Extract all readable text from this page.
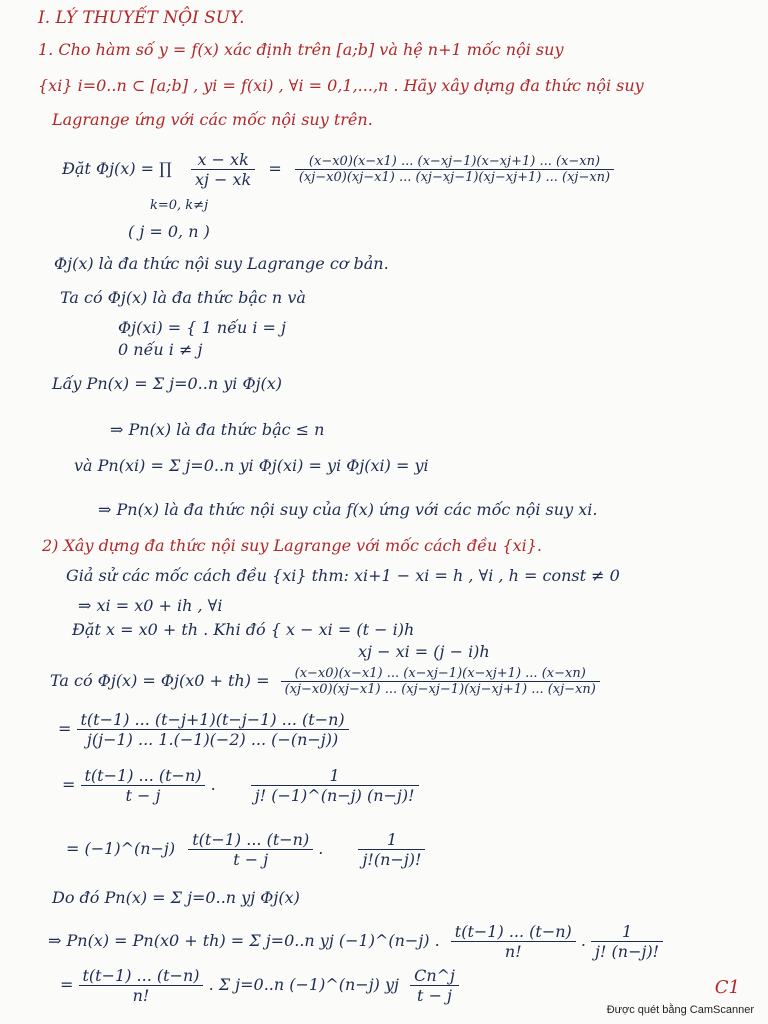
I. LÝ THUYẾT NỘI SUY.
1. Cho hàm số y = f(x) xác định trên [a;b] và hệ n+1 mốc nội suy
{xi} i=0..n ⊂ [a;b] , yi = f(xi) , ∀i = 0,1,...,n . Hãy xây dựng đa thức nội suy
Lagrange ứng với các mốc nội suy trên.
Đặt Φj(x) = ∏ $\frac{x - xk}{xj - xk} = \frac{(x-x0)(x-x1) ... (x-xj-1)(x-xj+1) ... (x-xn)}{(xj-x0)(xj-x1) ... (xj-xj-1)(xj-xj+1) ... (xj-xn)}$
k=0, k≠j
( j = 0, n )
Φj(x) là đa thức nội suy Lagrange cơ bản.
Ta có Φj(x) là đa thức bậc n và
Φj(xi) = { 1 nếu i = j
0 nếu i ≠ j
Lấy Pn(x) = Σ j=0..n yi Φj(x)
⇒ Pn(x) là đa thức bậc ≤ n
và Pn(xi) = Σ j=0..n yi Φj(xi) = yi Φj(xi) = yi
⇒ Pn(x) là đa thức nội suy của f(x) ứng với các mốc nội suy xi.
2) Xây dựng đa thức nội suy Lagrange với mốc cách đều {xi}.
Giả sử các mốc cách đều {xi} thm: xi+1 − xi = h , ∀i , h = const ≠ 0
⇒ xi = x0 + ih , ∀i
Đặt x = x0 + th . Khi đó { x − xi = (t − i)h
xj − xi = (j − i)h
Ta có $\Phi j(x) = \Phi j(x0 + th) = \frac{(x-x0)(x-x1) ... (x-xj-1)(x-xj+1) ... (x-xn)}{(xj-x0)(xj-x1) ... (xj-xj-1)(xj-xj+1) ... (xj-xn)}$
= $\frac{t(t-1) ... (t-j+1)(t-j-1) ... (t-n)}{j(j-1) ... 1.(-1)(-2) ... (-(n-j))}$
= $\frac{t(t-1) ... (t-n)}{t - j}$ . $\frac{1}{j! (-1)\^{}(n-j) (n-j)!}$
= (−1)^(n−j) $\frac{t(t-1) ... (t-n)}{t - j}$ . $\frac{1}{j!(n-j)!}$
Do đó Pn(x) = Σ j=0..n yj Φj(x)
⇒ Pn(x) = Pn(x0 + th) = Σ j=0..n yj (−1)^(n−j) . $\frac{t(t-1) ... (t-n)}{n!}$ . $\frac{1}{j! (n-j)!}$
= $\frac{t(t-1) ... (t-n)}{n!}$ . Σ j=0..n (−1)^(n−j) yj $\frac{Cn\^{}j}{t - j}$	C1
Được quét bằng CamScanner
